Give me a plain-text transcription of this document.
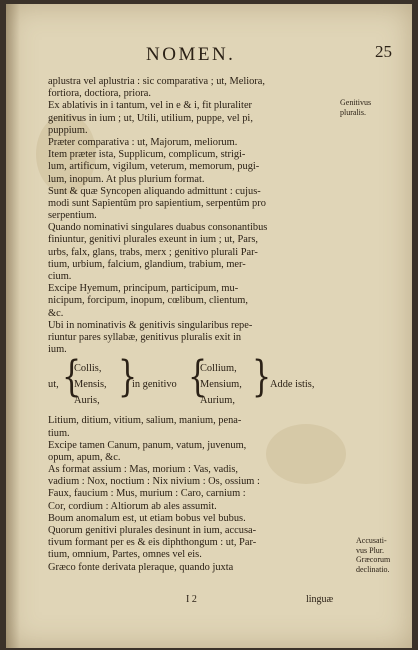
NOMEN.	25
aplustra vel aplustria : sic comparativa ; ut, Meliora,
fortiora, doctiora, priora.
Ex ablativis in i tantum, vel in e & i, fit pluraliter
genitivus in ium ; ut, Utili, utilium, puppe, vel pi,
puppium.
Præter comparativa : ut, Majorum, meliorum.
Item præter ista, Supplicum, complicum, strigi-
lum, artificum, vigilum, veterum, memorum, pugi-
lum, inopum. At plus plurium format.
Sunt & quæ Syncopen aliquando admittunt : cujus-
modi sunt Sapientûm pro sapientium, serpentûm pro
serpentium.
Quando nominativi singulares duabus consonantibus
finiuntur, genitivi plurales exeunt in ium ; ut, Pars,
urbs, falx, glans, trabs, merx ; genitivo plurali Par-
tium, urbium, falcium, glandium, trabium, mer-
cium.
Excipe Hyemum, principum, participum, mu-
nicipum, forcipum, inopum, cœlibum, clientum,
&c.
Ubi in nominativis & genitivis singularibus repe-
riuntur pares syllabæ, genitivus pluralis exit in
ium.
ut, {
Collis,
Mensis,
Auris, }
in genitivo {
Collium,
Mensium,
Aurium, }
Adde istis,
Litium, ditium, vitium, salium, manium, pena-
tium.
Excipe tamen Canum, panum, vatum, juvenum,
opum, apum, &c.
As format assium : Mas, morium : Vas, vadis,
vadium : Nox, noctium : Nix nivium : Os, ossium :
Faux, faucium : Mus, murium : Caro, carnium :
Cor, cordium : Altiorum ab ales assumit.
Boum anomalum est, ut etiam bobus vel bubus.
Quorum genitivi plurales desinunt in ium, accusa-
tivum formant per es & eis diphthongum : ut, Par-
tium, omnium, Partes, omnes vel eis.
Græco fonte derivata pleraque, quando juxta
Genitivus
pluralis.
Accusati-
vus Plur.
Græcorum
declinatio.
I 2	linguæ
